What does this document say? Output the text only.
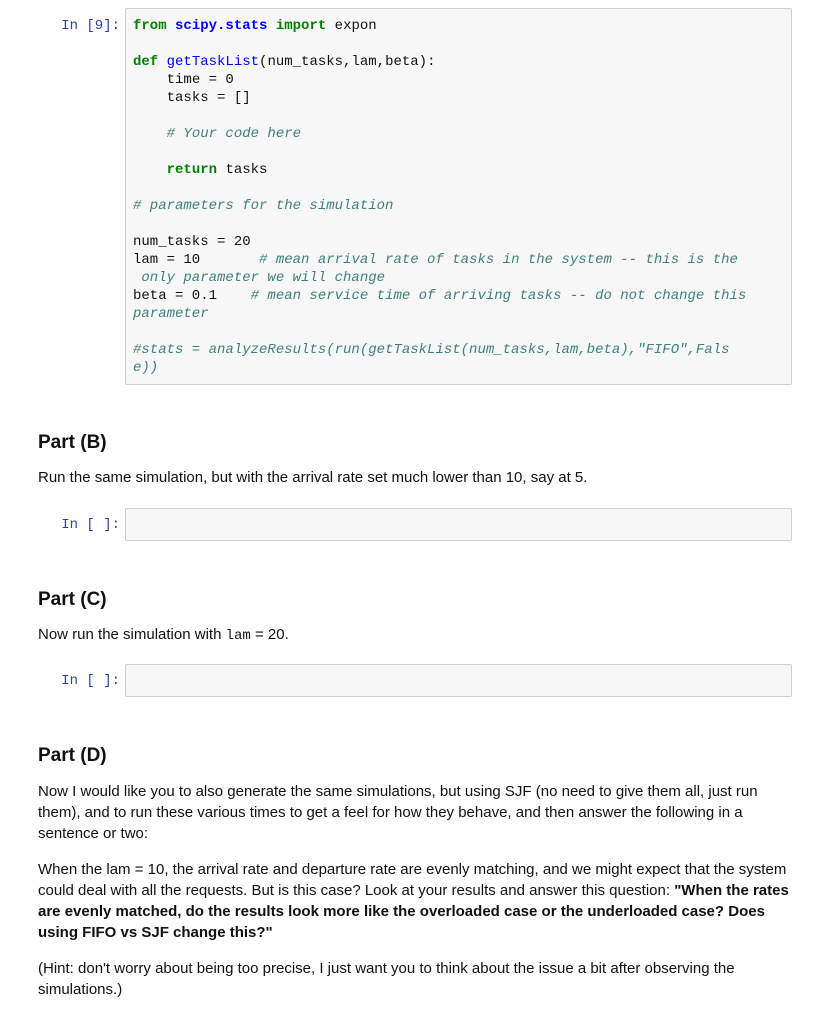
In [9]: from scipy.stats import expon

def getTaskList(num_tasks,lam,beta):
time = 0
tasks = []

# Your code here

return tasks

# parameters for the simulation

num_tasks = 20
lam = 10	# mean arrival rate of tasks in the system -- this is the
only parameter we will change
beta = 0.1 # mean service time of arriving tasks -- do not change this
parameter

#stats = analyzeResults(run(getTaskList(num_tasks,lam,beta),"FIFO",Fals
e))
Part (B)

Run the same simulation, but with the arrival rate set much lower than 10, say at 5.

In [ ]:
Part (C)

Now run the simulation with lam = 20.

In [ ]:
Part (D)

Now I would like you to also generate the same simulations, but using SJF (no need to give them all, just run them), and to run these various times to get a feel for how they behave, and then answer the following in a sentence or two:

When the lam = 10, the arrival rate and departure rate are evenly matching, and we might expect that the system could deal with all the requests. But is this case? Look at your results and answer this question: "When the rates are evenly matched, do the results look more like the overloaded case or the underloaded case? Does using FIFO vs SJF change this?"

(Hint: don't worry about being too precise, I just want you to think about the issue a bit after observing the simulations.)
